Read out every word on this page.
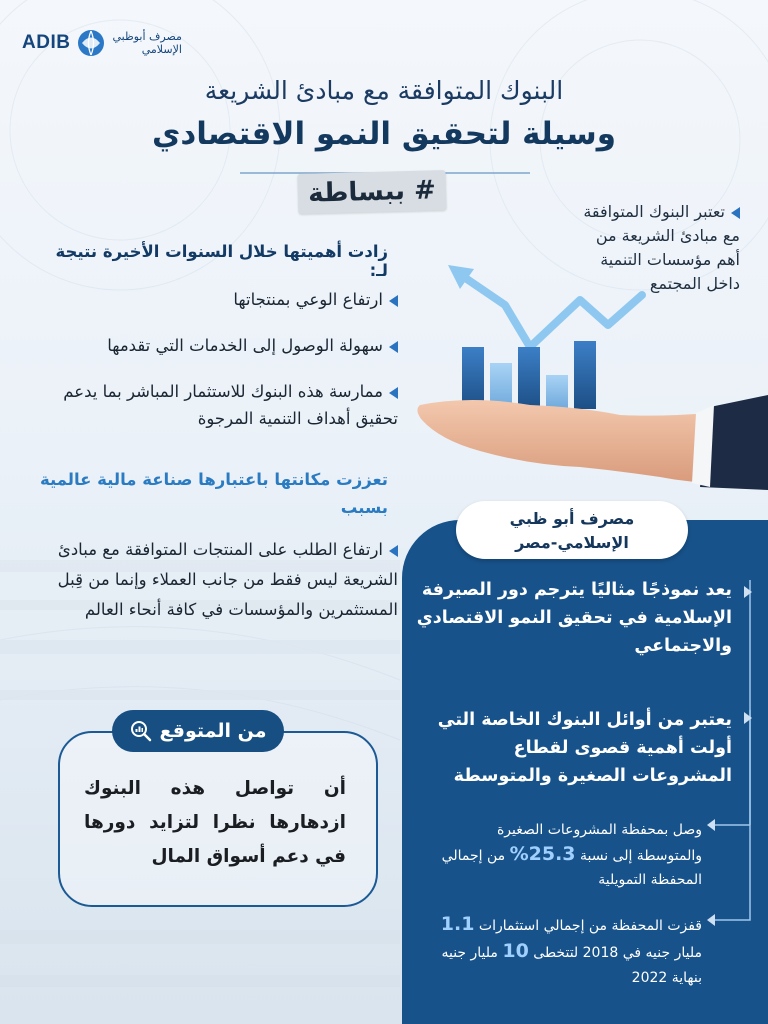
ADIB	مصرف أبوظبي
الإسلامي
البنوك المتوافقة مع مبادئ الشريعة
وسيلة لتحقيق النمو الاقتصادي
# ببساطة

تعتبر البنوك المتوافقة

مع مبادئ الشريعة من

أهم مؤسسات التنمية

داخل المجتمع

زادت أهميتها خلال السنوات الأخيرة نتيجة لـ:
ارتفاع الوعي بمنتجاتها
سهولة الوصول إلى الخدمات التي تقدمها
ممارسة هذه البنوك للاستثمار المباشر بما يدعم تحقيق أهداف التنمية المرجوة
تعززت مكانتها باعتبارها صناعة مالية عالمية بسبب
ارتفاع الطلب على المنتجات المتوافقة مع مبادئ الشريعة ليس فقط من جانب العملاء وإنما من قِبل المستثمرين والمؤسسات في كافة أنحاء العالم
من المتوقع
أن تواصل هذه البنوك ازدهارها نظرا لتزايد دورها في دعم أسواق المال
مصرف أبو ظبي
الإسلامي-مصر
يعد نموذجًا مثاليًا يترجم دور الصيرفة الإسلامية في تحقيق النمو الاقتصادي والاجتماعي
يعتبر من أوائل البنوك الخاصة التي أولت أهمية قصوى لقطاع المشروعات الصغيرة والمتوسطة
وصل بمحفظة المشروعات الصغيرة والمتوسطة إلى نسبة 25.3% من إجمالي المحفظة التمويلية
قفزت المحفظة من إجمالي استثمارات 1.1 مليار جنيه في 2018 لتتخطى 10 مليار جنيه بنهاية 2022
